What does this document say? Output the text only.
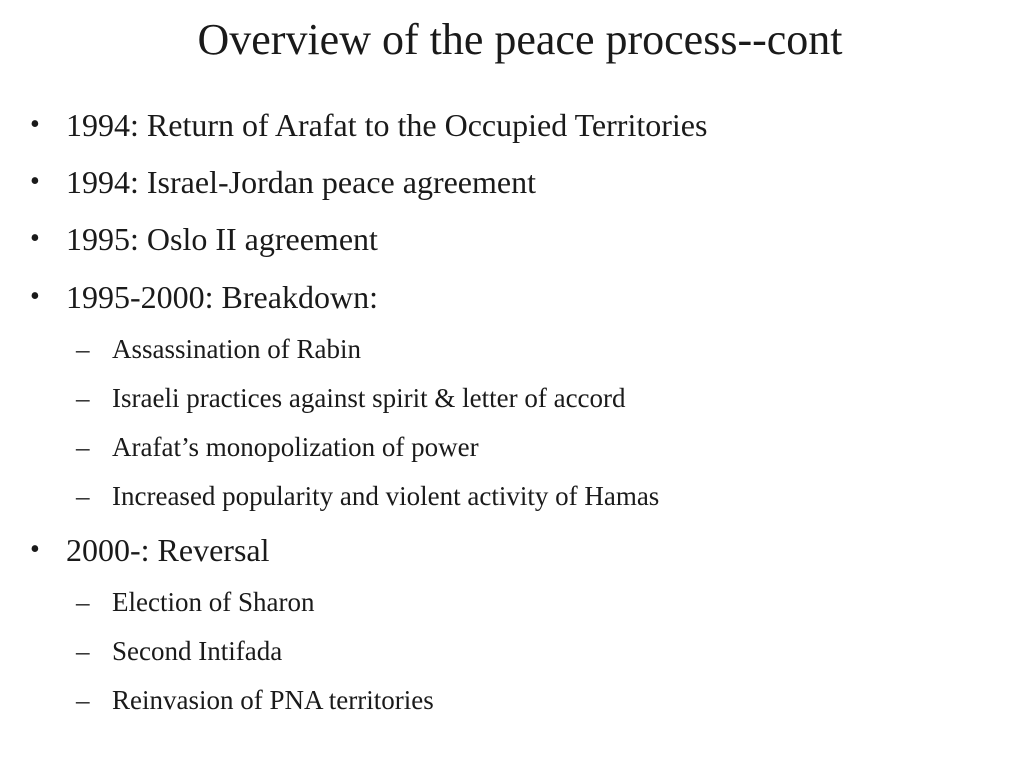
Overview of the peace process--cont
• 1994: Return of Arafat to the Occupied Territories
• 1994: Israel-Jordan peace agreement
• 1995: Oslo II agreement
• 1995-2000: Breakdown:
– Assassination of Rabin
– Israeli practices against spirit & letter of accord
– Arafat’s monopolization of power
– Increased popularity and violent activity of Hamas
• 2000-: Reversal
– Election of Sharon
– Second Intifada
– Reinvasion of PNA territories
